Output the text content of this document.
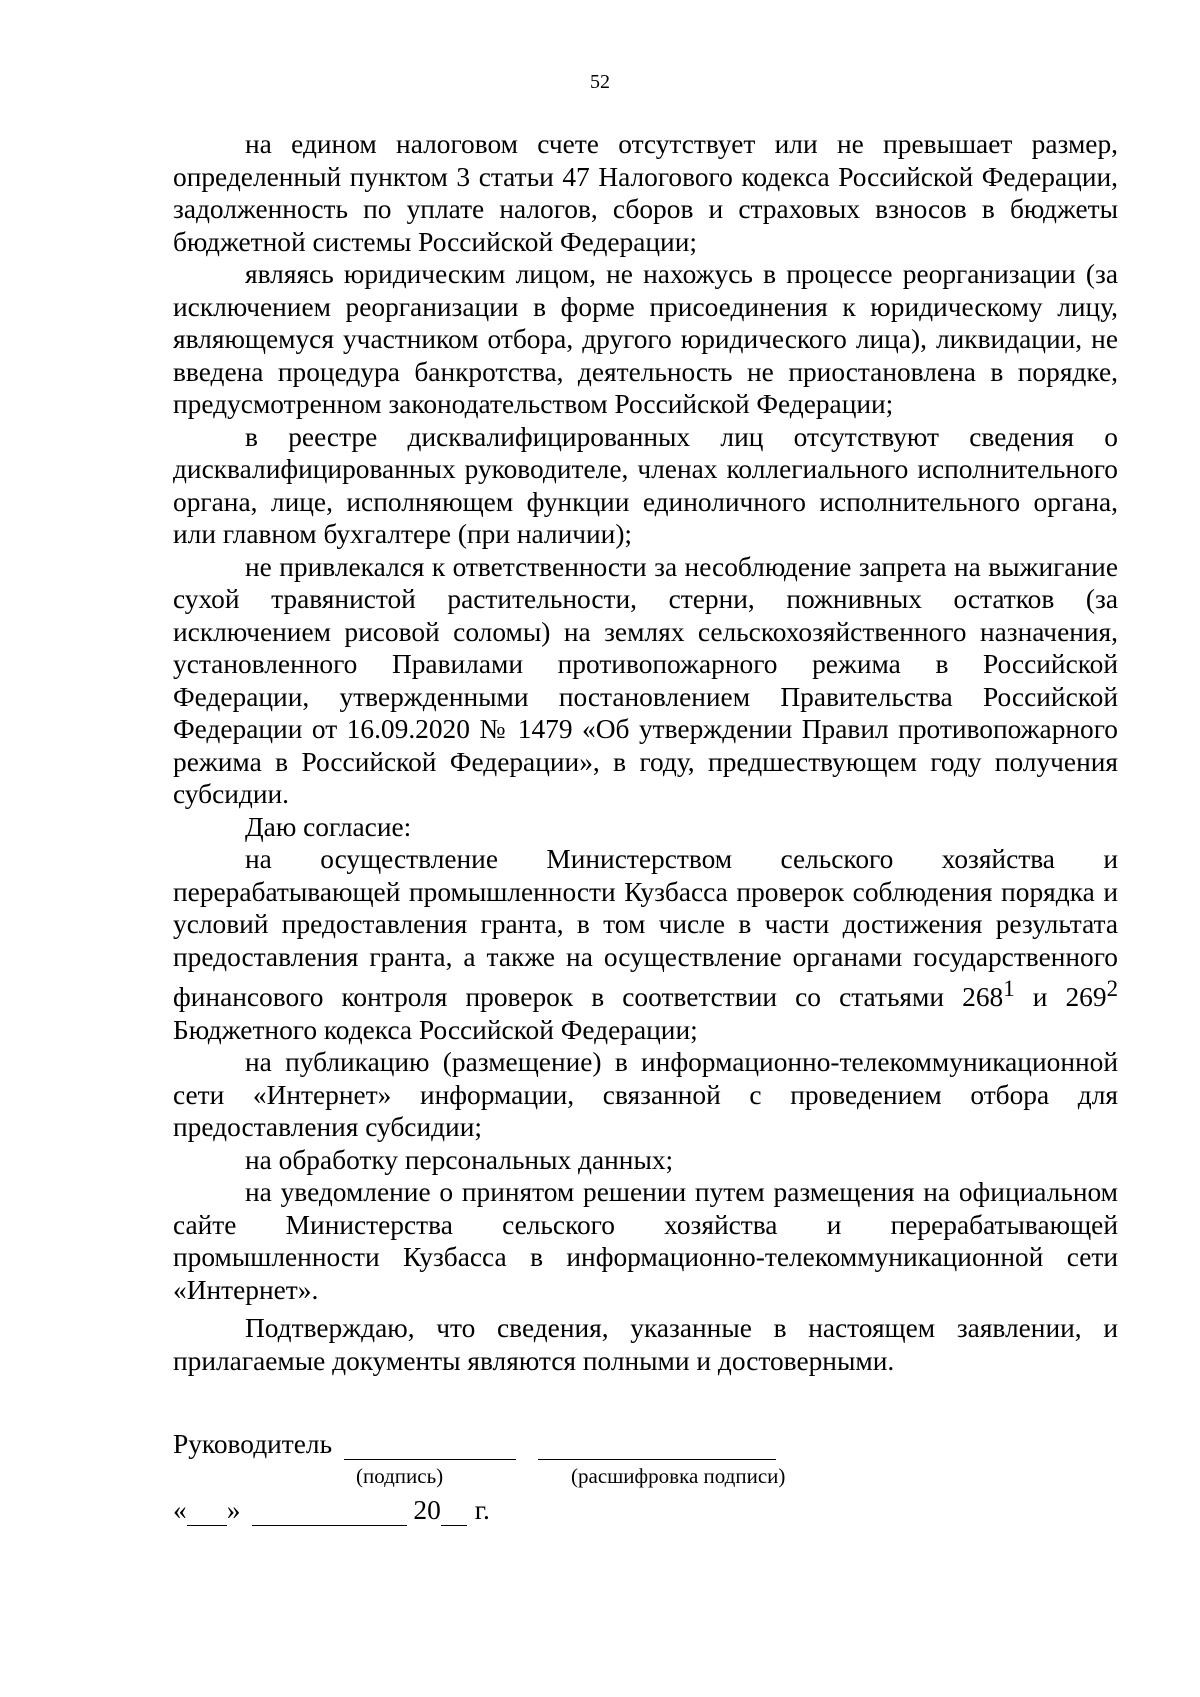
52

на едином налоговом счете отсутствует или не превышает размер, определенный пунктом 3 статьи 47 Налогового кодекса Российской Федерации, задолженность по уплате налогов, сборов и страховых взносов в бюджеты бюджетной системы Российской Федерации;

являясь юридическим лицом, не нахожусь в процессе реорганизации (за исключением реорганизации в форме присоединения к юридическому лицу, являющемуся участником отбора, другого юридического лица), ликвидации, не введена процедура банкротства, деятельность не приостановлена в порядке, предусмотренном законодательством Российской Федерации;

в реестре дисквалифицированных лиц отсутствуют сведения о дисквалифицированных руководителе, членах коллегиального исполнительного органа, лице, исполняющем функции единоличного исполнительного органа, или главном бухгалтере (при наличии);

не привлекался к ответственности за несоблюдение запрета на выжигание сухой травянистой растительности, стерни, пожнивных остатков (за исключением рисовой соломы) на землях сельскохозяйственного назначения, установленного Правилами противопожарного режима в Российской Федерации, утвержденными постановлением Правительства Российской Федерации от 16.09.2020 № 1479 «Об утверждении Правил противопожарного режима в Российской Федерации», в году, предшествующем году получения субсидии.

Даю согласие:

на осуществление Министерством сельского хозяйства и перерабатывающей промышленности Кузбасса проверок соблюдения порядка и условий предоставления гранта, в том числе в части достижения результата предоставления гранта, а также на осуществление органами государственного финансового контроля проверок в соответствии со статьями $268^1$ и $269^2$ Бюджетного кодекса Российской Федерации;

на публикацию (размещение) в информационно-телекоммуникационной сети «Интернет» информации, связанной с проведением отбора для предоставления субсидии;

на обработку персональных данных;

на уведомление о принятом решении путем размещения на официальном сайте Министерства сельского хозяйства и перерабатывающей промышленности Кузбасса в информационно-телекоммуникационной сети «Интернет».

Подтверждаю, что сведения, указанные в настоящем заявлении, и прилагаемые документы являются полными и достоверными.

Руководитель
(подпись)	(расшифровка подписи)
« »	20 г.
